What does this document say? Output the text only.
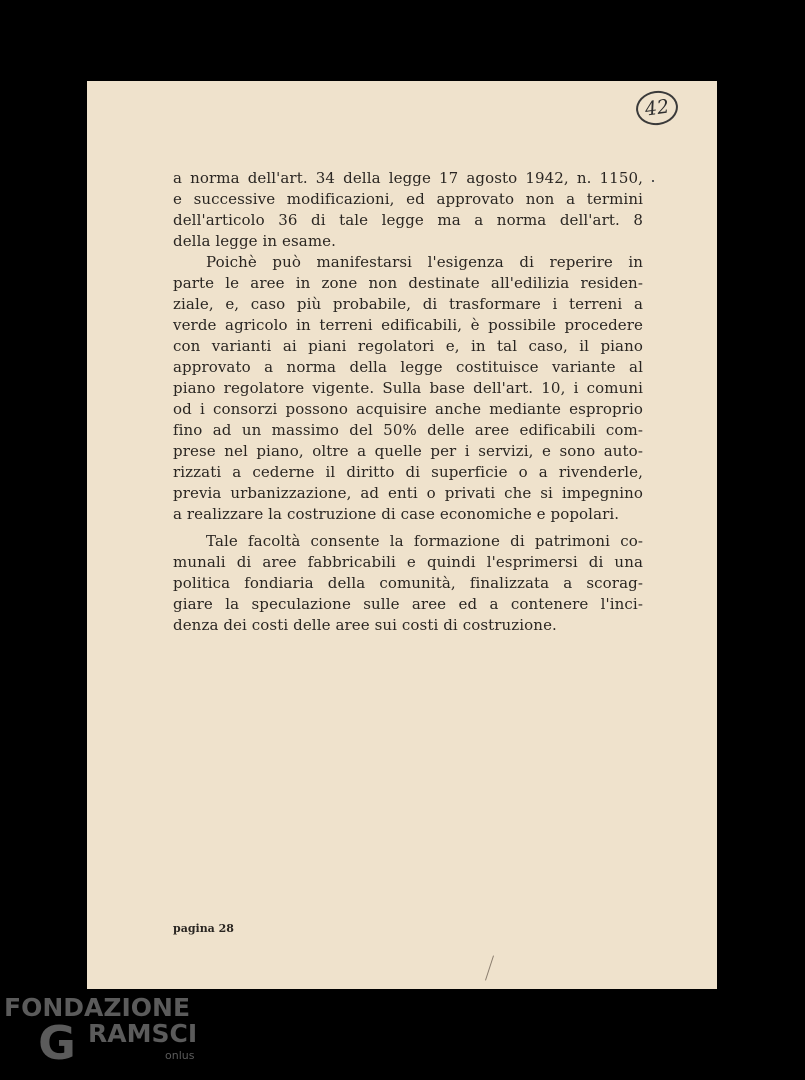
42
a norma dell'art. 34 della legge 17 agosto 1942, n. 1150,
e successive modificazioni, ed approvato non a termini
dell'articolo 36 di tale legge ma a norma dell'art. 8
della legge in esame.
Poichè può manifestarsi l'esigenza di reperire in
parte le aree in zone non destinate all'edilizia residen-
ziale, e, caso più probabile, di trasformare i terreni a
verde agricolo in terreni edificabili, è possibile procedere
con varianti ai piani regolatori e, in tal caso, il piano
approvato a norma della legge costituisce variante al
piano regolatore vigente. Sulla base dell'art. 10, i comuni
od i consorzi possono acquisire anche mediante esproprio
fino ad un massimo del 50% delle aree edificabili com-
prese nel piano, oltre a quelle per i servizi, e sono auto-
rizzati a cederne il diritto di superficie o a rivenderle,
previa urbanizzazione, ad enti o privati che si impegnino
a realizzare la costruzione di case economiche e popolari.
Tale facoltà consente la formazione di patrimoni co-
munali di aree fabbricabili e quindi l'esprimersi di una
politica fondiaria della comunità, finalizzata a scorag-
giare la speculazione sulle aree ed a contenere l'inci-
denza dei costi delle aree sui costi di costruzione.
pagina 28
FONDAZIONE
G RAMSCI
onlus
